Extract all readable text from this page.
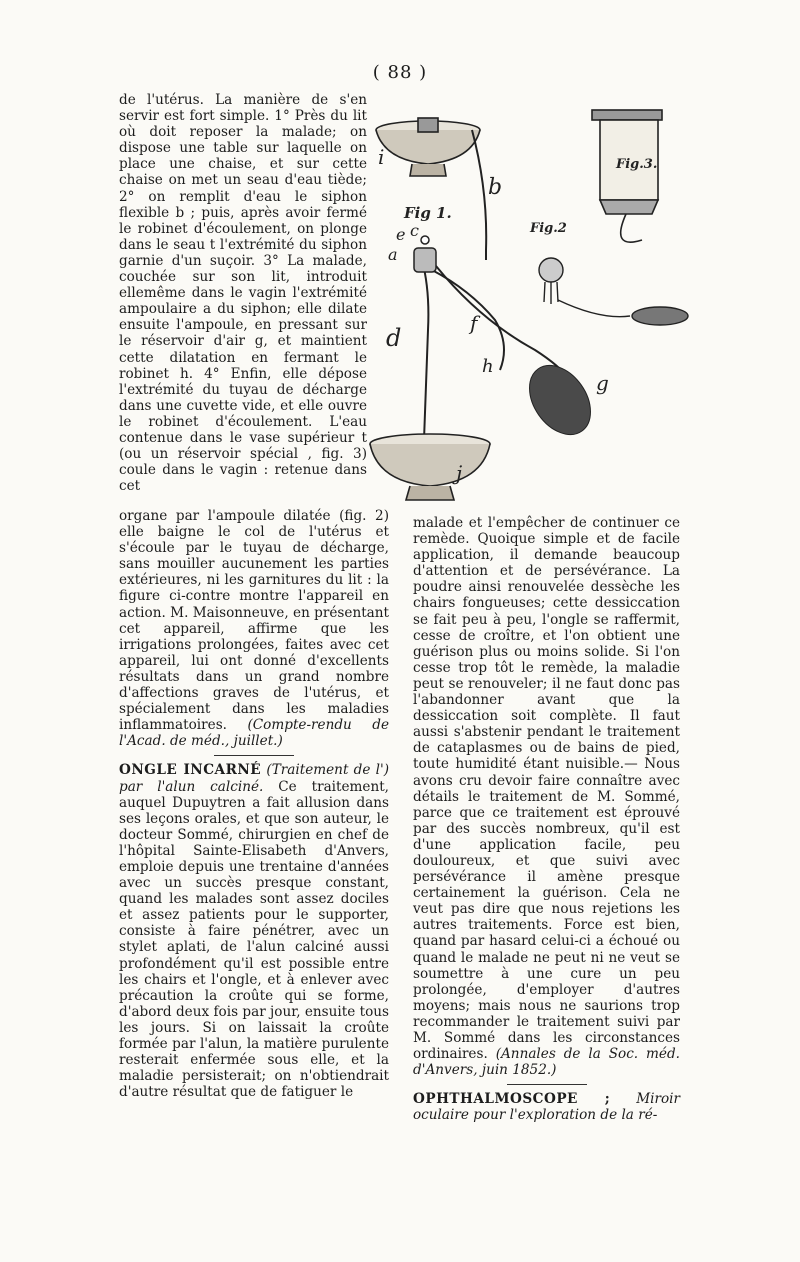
( 88 )
i
b
Fig 1.
Fig.2
Fig.3.
e c
a
d
f
h
g
j

de l'utérus. La manière de s'en servir est fort simple. 1° Près du lit où doit reposer la malade; on dispose une table sur laquelle on place une chaise, et sur cette chaise on met un seau d'eau tiède; 2° on remplit d'eau le siphon flexible b ; puis, après avoir fermé le robinet d'écoulement, on plonge dans le seau t l'extrémité du siphon garnie d'un suçoir. 3° La malade, couchée sur son lit, introduit ellemême dans le vagin l'extrémité ampoulaire a du siphon; elle dilate ensuite l'ampoule, en pressant sur le réservoir d'air g, et maintient cette dilatation en fermant le robinet h. 4° Enfin, elle dépose l'extrémité du tuyau de décharge dans une cuvette vide, et elle ouvre le robinet d'écoulement. L'eau contenue dans le vase supérieur t (ou un réservoir spécial , fig. 3) coule dans le vagin : retenue dans cet

organe par l'ampoule dilatée (fig. 2) elle baigne le col de l'utérus et s'écoule par le tuyau de décharge, sans mouiller aucunement les parties extérieures, ni les garnitures du lit : la figure ci-contre montre l'appareil en action. M. Maisonneuve, en présentant cet appareil, affirme que les irrigations prolongées, faites avec cet appareil, lui ont donné d'excellents résultats dans un grand nombre d'affections graves de l'utérus, et spécialement dans les maladies inflammatoires. (Compte-rendu de l'Acad. de méd., juillet.)

ONGLE INCARNÉ (Traitement de l') par l'alun calciné. Ce traitement, auquel Dupuytren a fait allusion dans ses leçons orales, et que son auteur, le docteur Sommé, chirurgien en chef de l'hôpital Sainte-Elisabeth d'Anvers, emploie depuis une trentaine d'années avec un succès presque constant, quand les malades sont assez dociles et assez patients pour le supporter, consiste à faire pénétrer, avec un stylet aplati, de l'alun calciné aussi profondément qu'il est possible entre les chairs et l'ongle, et à enlever avec précaution la croûte qui se forme, d'abord deux fois par jour, ensuite tous les jours. Si on laissait la croûte formée par l'alun, la matière purulente resterait enfermée sous elle, et la maladie persisterait; on n'obtiendrait d'autre résultat que de fatiguer le

malade et l'empêcher de continuer ce remède. Quoique simple et de facile application, il demande beaucoup d'attention et de persévérance. La poudre ainsi renouvelée dessèche les chairs fongueuses; cette dessiccation se fait peu à peu, l'ongle se raffermit, cesse de croître, et l'on obtient une guérison plus ou moins solide. Si l'on cesse trop tôt le remède, la maladie peut se renouveler; il ne faut donc pas l'abandonner avant que la dessiccation soit complète. Il faut aussi s'abstenir pendant le traitement de cataplasmes ou de bains de pied, toute humidité étant nuisible.— Nous avons cru devoir faire connaître avec détails le traitement de M. Sommé, parce que ce traitement est éprouvé par des succès nombreux, qu'il est d'une application facile, peu douloureux, et que suivi avec persévérance il amène presque certainement la guérison. Cela ne veut pas dire que nous rejetions les autres traitements. Force est bien, quand par hasard celui-ci a échoué ou quand le malade ne peut ni ne veut se soumettre à une cure un peu prolongée, d'employer d'autres moyens; mais nous ne saurions trop recommander le traitement suivi par M. Sommé dans les circonstances ordinaires. (Annales de la Soc. méd. d'Anvers, juin 1852.)

OPHTHALMOSCOPE ; Miroir oculaire pour l'exploration de la ré-
